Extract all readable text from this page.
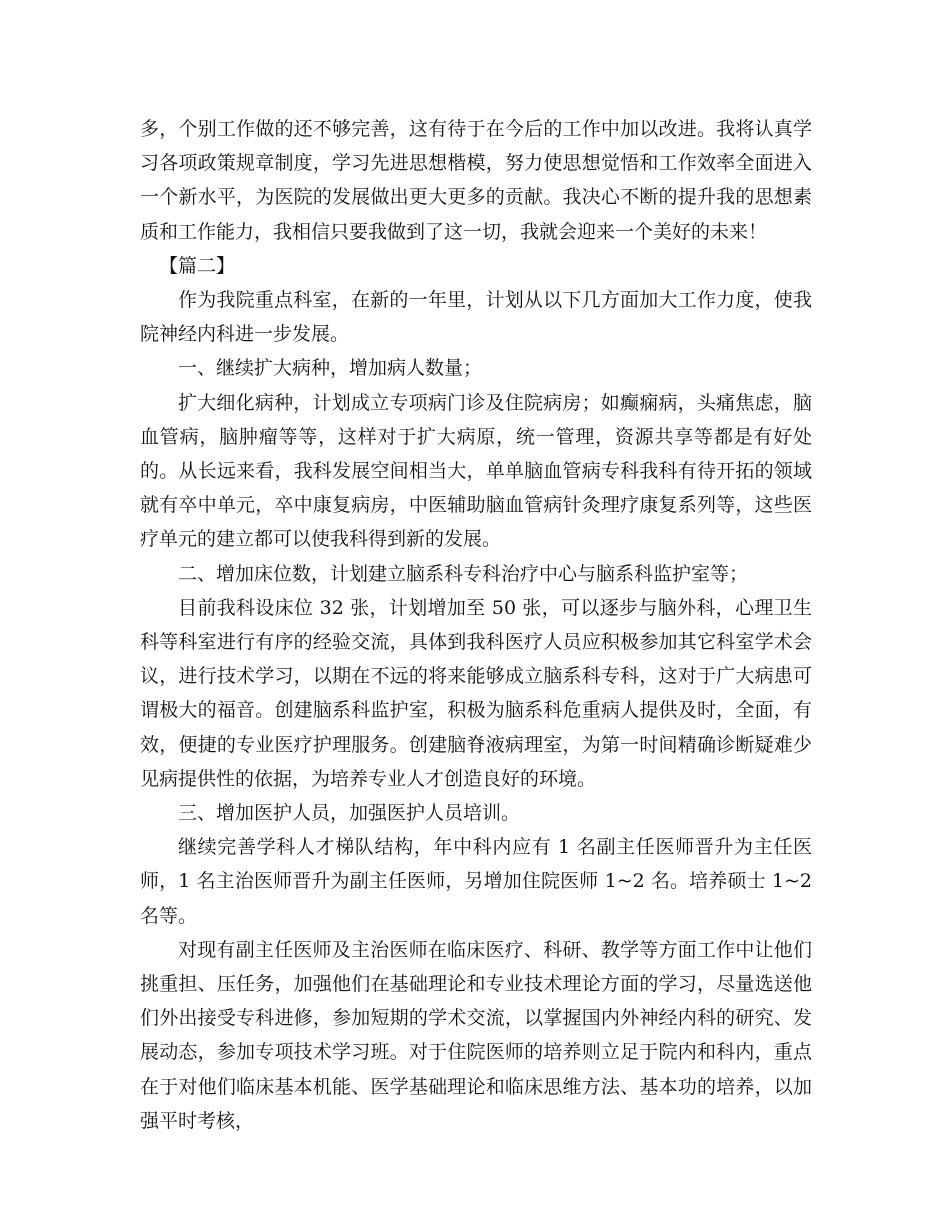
多，个别工作做的还不够完善，这有待于在今后的工作中加以改进。我将认真学习各项政策规章制度，学习先进思想楷模，努力使思想觉悟和工作效率全面进入一个新水平，为医院的发展做出更大更多的贡献。我决心不断的提升我的思想素质和工作能力，我相信只要我做到了这一切，我就会迎来一个美好的未来！

【篇二】

作为我院重点科室，在新的一年里，计划从以下几方面加大工作力度，使我院神经内科进一步发展。

一、继续扩大病种，增加病人数量；

扩大细化病种，计划成立专项病门诊及住院病房；如癫痫病，头痛焦虑，脑血管病，脑肿瘤等等，这样对于扩大病原，统一管理，资源共享等都是有好处的。从长远来看，我科发展空间相当大，单单脑血管病专科我科有待开拓的领域就有卒中单元，卒中康复病房，中医辅助脑血管病针灸理疗康复系列等，这些医疗单元的建立都可以使我科得到新的发展。

二、增加床位数，计划建立脑系科专科治疗中心与脑系科监护室等；

目前我科设床位 32 张，计划增加至 50 张，可以逐步与脑外科，心理卫生科等科室进行有序的经验交流，具体到我科医疗人员应积极参加其它科室学术会议，进行技术学习，以期在不远的将来能够成立脑系科专科，这对于广大病患可谓极大的福音。创建脑系科监护室，积极为脑系科危重病人提供及时，全面，有效，便捷的专业医疗护理服务。创建脑脊液病理室，为第一时间精确诊断疑难少见病提供性的依据，为培养专业人才创造良好的环境。

三、增加医护人员，加强医护人员培训。

继续完善学科人才梯队结构，年中科内应有 1 名副主任医师晋升为主任医师，1 名主治医师晋升为副主任医师，另增加住院医师 1~2 名。培养硕士 1~2 名等。

对现有副主任医师及主治医师在临床医疗、科研、教学等方面工作中让他们挑重担、压任务，加强他们在基础理论和专业技术理论方面的学习，尽量选送他们外出接受专科进修，参加短期的学术交流，以掌握国内外神经内科的研究、发展动态，参加专项技术学习班。对于住院医师的培养则立足于院内和科内，重点在于对他们临床基本机能、医学基础理论和临床思维方法、基本功的培养，以加强平时考核，
